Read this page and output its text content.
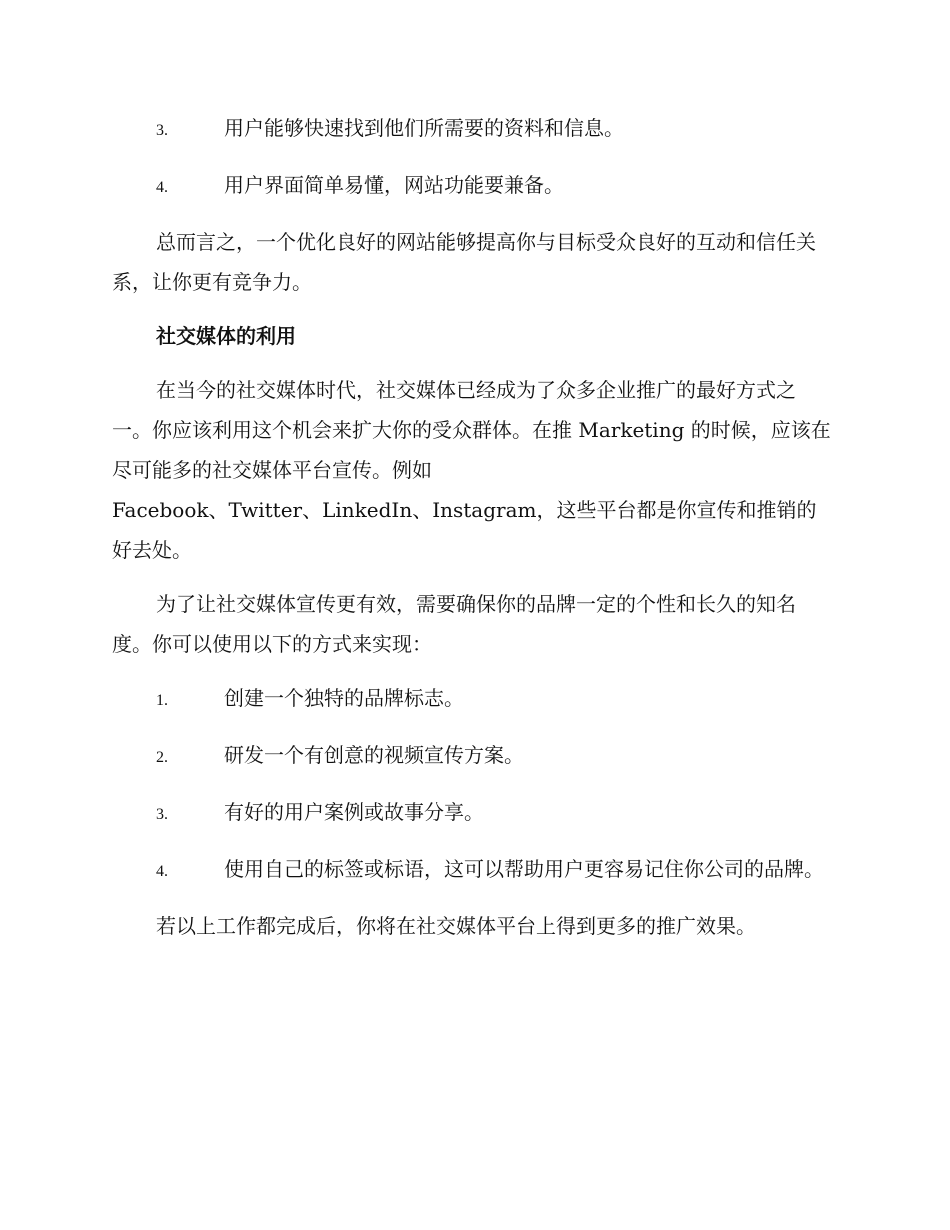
3.	用户能够快速找到他们所需要的资料和信息。
4.	用户界面简单易懂，网站功能要兼备。

总而言之，一个优化良好的网站能够提高你与目标受众良好的互动和信任关系，让你更有竞争力。

社交媒体的利用

在当今的社交媒体时代，社交媒体已经成为了众多企业推广的最好方式之一。你应该利用这个机会来扩大你的受众群体。在推 Marketing 的时候，应该在尽可能多的社交媒体平台宣传。例如
Facebook、Twitter、LinkedIn、Instagram，这些平台都是你宣传和推销的好去处。

为了让社交媒体宣传更有效，需要确保你的品牌一定的个性和长久的知名度。你可以使用以下的方式来实现：

1.	创建一个独特的品牌标志。
2.	研发一个有创意的视频宣传方案。
3.	有好的用户案例或故事分享。
4.	使用自己的标签或标语，这可以帮助用户更容易记住你公司的品牌。

若以上工作都完成后，你将在社交媒体平台上得到更多的推广效果。
